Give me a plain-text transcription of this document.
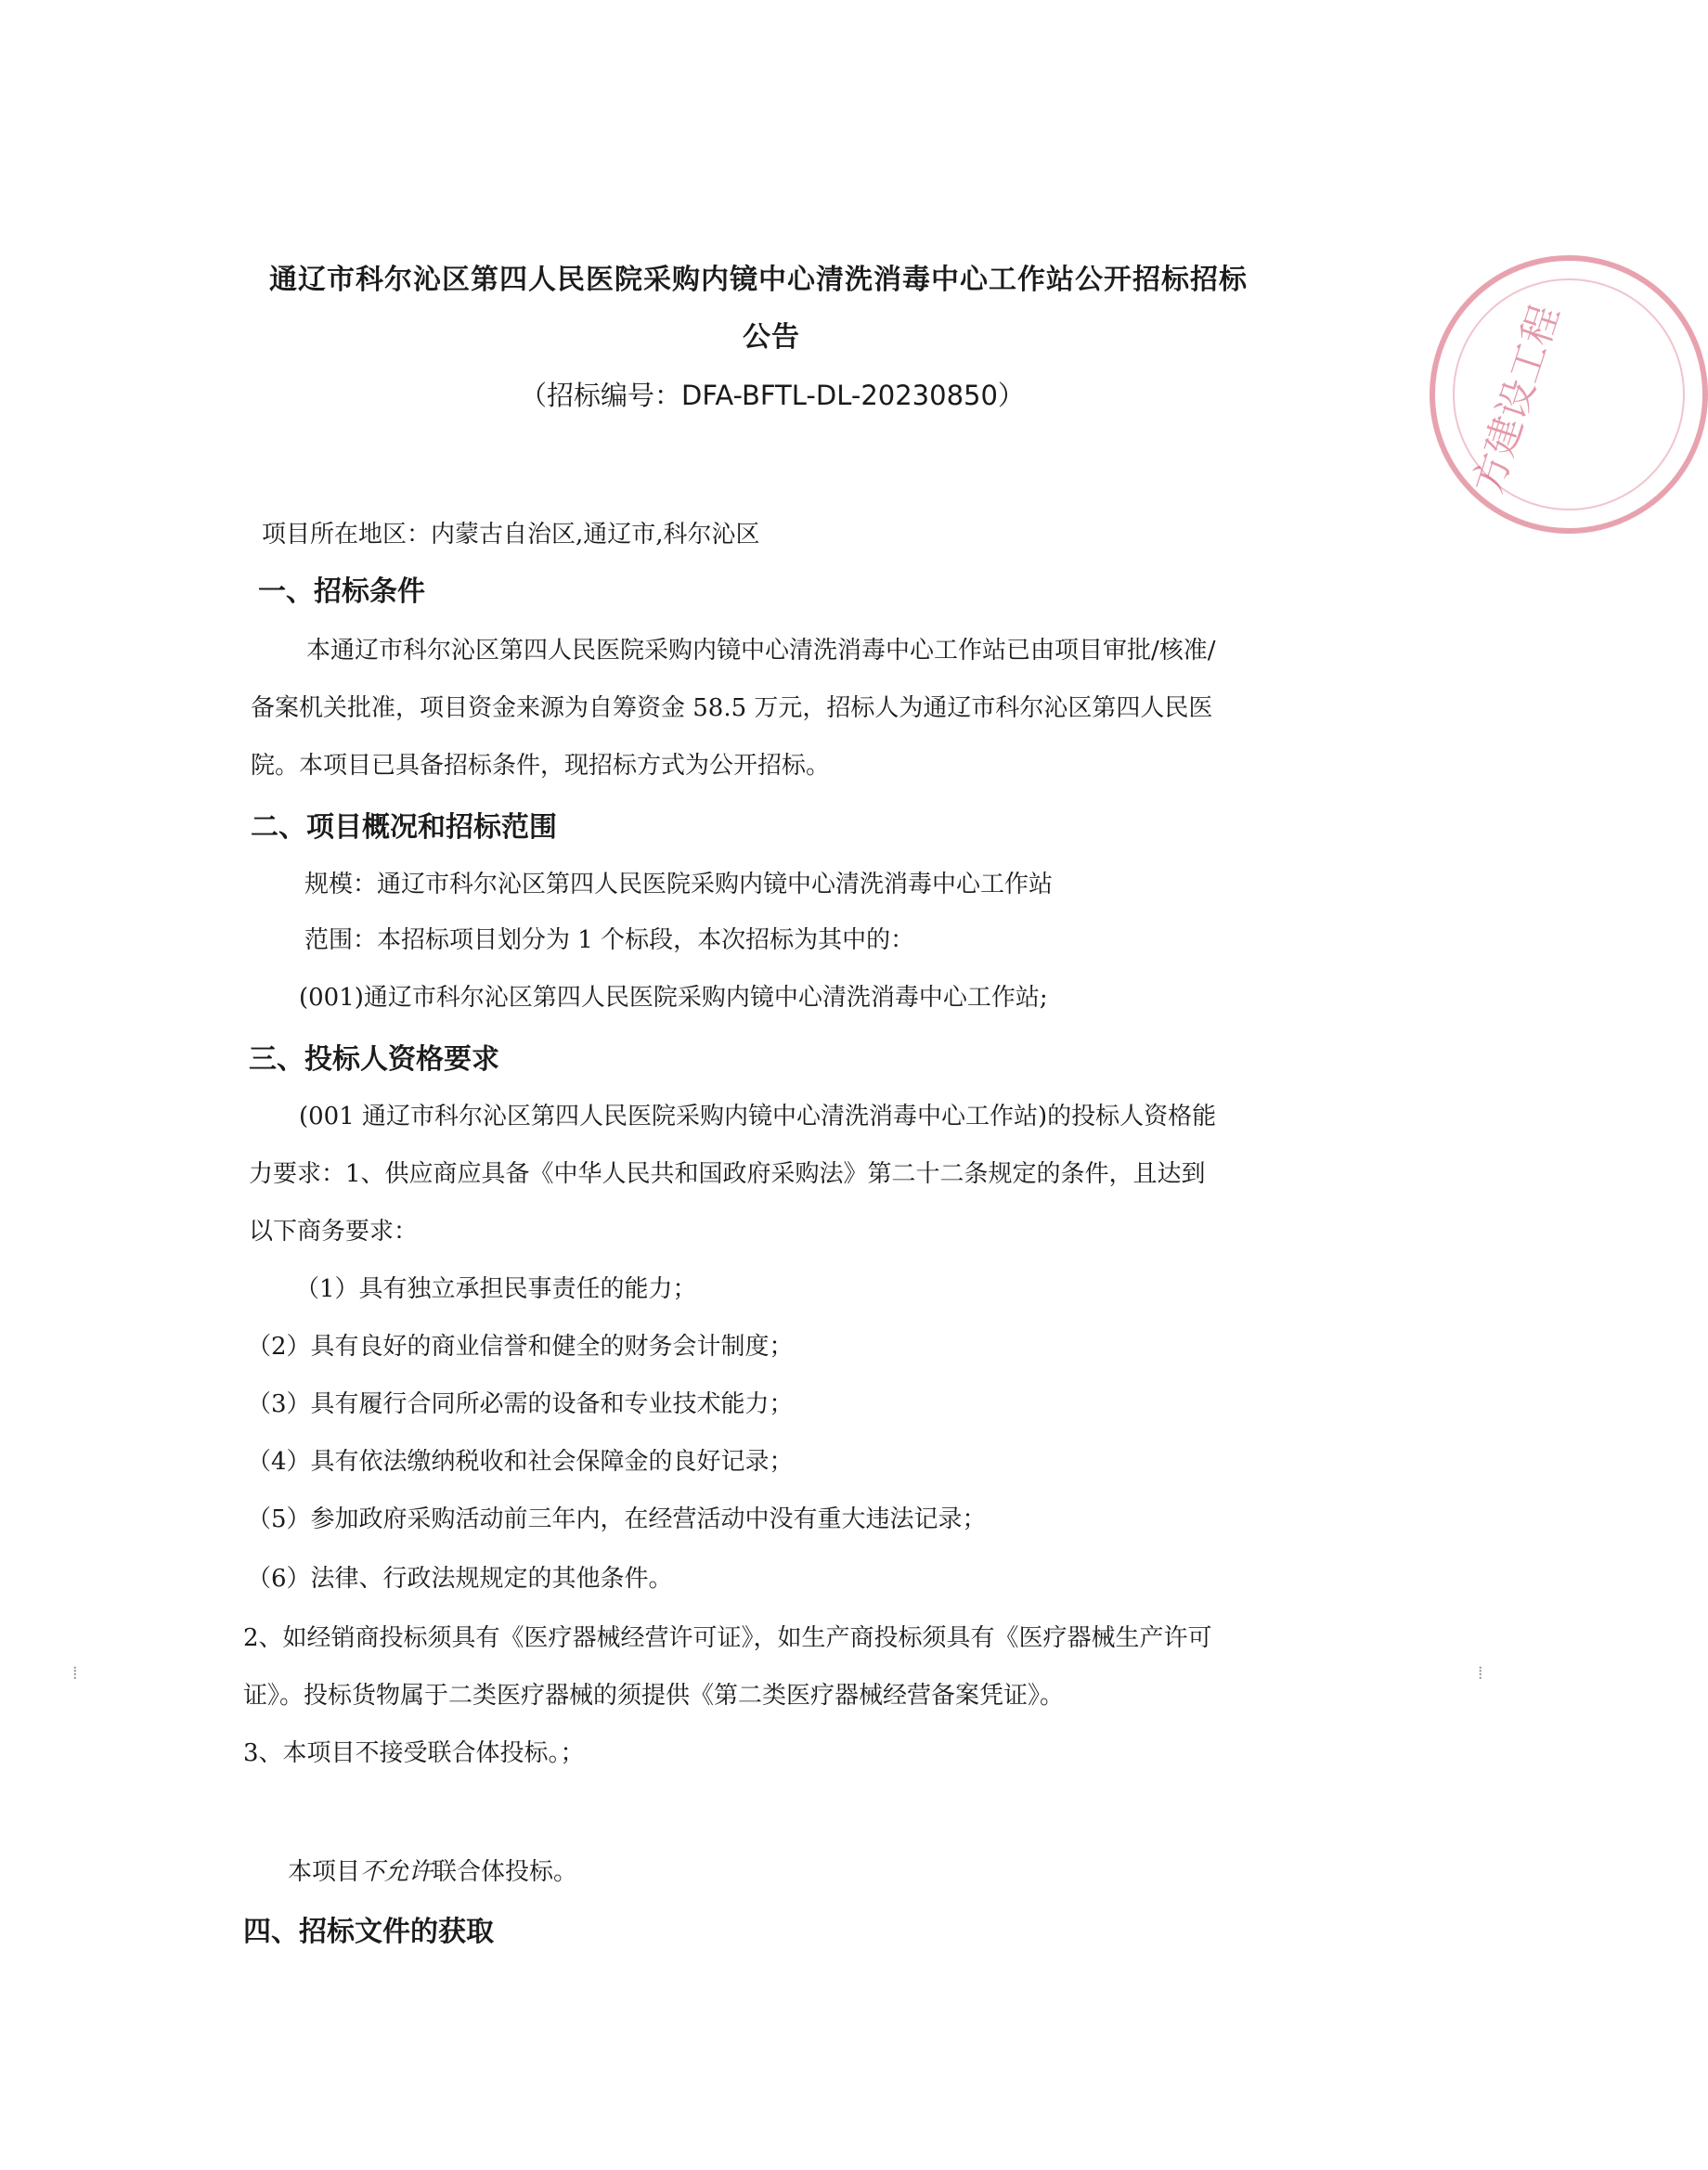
方建设工程
通辽市科尔沁区第四人民医院采购内镜中心清洗消毒中心工作站公开招标招标
公告
（招标编号：DFA-BFTL-DL-20230850）
项目所在地区：内蒙古自治区,通辽市,科尔沁区
一、招标条件
本通辽市科尔沁区第四人民医院采购内镜中心清洗消毒中心工作站已由项目审批/核准/
备案机关批准，项目资金来源为自筹资金 58.5 万元，招标人为通辽市科尔沁区第四人民医
院。本项目已具备招标条件，现招标方式为公开招标。
二、项目概况和招标范围
规模：通辽市科尔沁区第四人民医院采购内镜中心清洗消毒中心工作站
范围：本招标项目划分为 1 个标段，本次招标为其中的：
(001)通辽市科尔沁区第四人民医院采购内镜中心清洗消毒中心工作站;
三、投标人资格要求
(001 通辽市科尔沁区第四人民医院采购内镜中心清洗消毒中心工作站)的投标人资格能
力要求：1、供应商应具备《中华人民共和国政府采购法》第二十二条规定的条件，且达到
以下商务要求：
（1）具有独立承担民事责任的能力；
（2）具有良好的商业信誉和健全的财务会计制度；
（3）具有履行合同所必需的设备和专业技术能力；
（4）具有依法缴纳税收和社会保障金的良好记录；
（5）参加政府采购活动前三年内，在经营活动中没有重大违法记录；
（6）法律、行政法规规定的其他条件。
2、如经销商投标须具有《医疗器械经营许可证》，如生产商投标须具有《医疗器械生产许可
证》。投标货物属于二类医疗器械的须提供《第二类医疗器械经营备案凭证》。
3、本项目不接受联合体投标。；
本项目不允许联合体投标。
四、招标文件的获取
⁞	⁞
